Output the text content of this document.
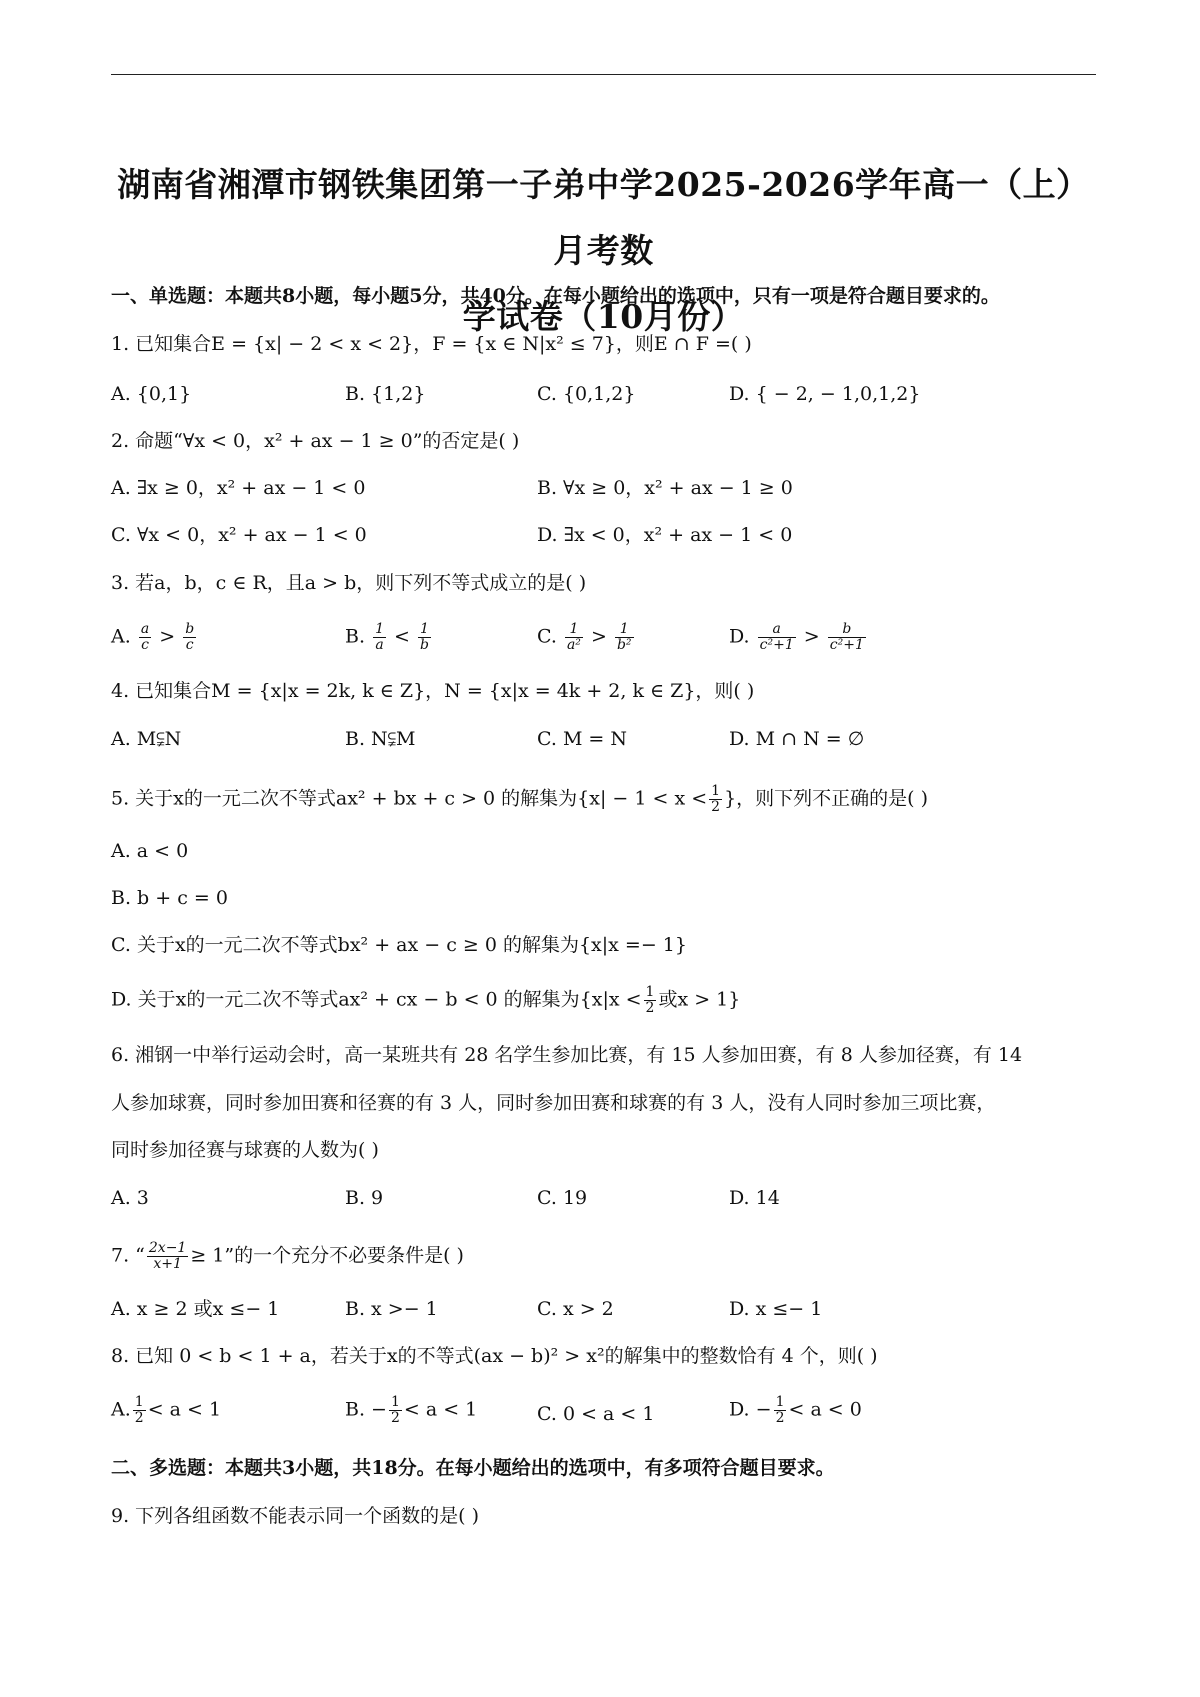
湖南省湘潭市钢铁集团第一子弟中学2025-2026学年高一（上）月考数
学试卷（10月份）
一、单选题：本题共8小题，每小题5分，共40分。在每小题给出的选项中，只有一项是符合题目要求的。
1. 已知集合E = {x| − 2 < x < 2}，F = {x ∈ N|x² ≤ 7}，则E ∩ F =( )
A. {0,1}	B. {1,2}	C. {0,1,2}	D. { − 2, − 1,0,1,2}
2. 命题“∀x < 0，x² + ax − 1 ≥ 0”的否定是( )
A. ∃x ≥ 0，x² + ax − 1 < 0	B. ∀x ≥ 0，x² + ax − 1 ≥ 0
C. ∀x < 0，x² + ax − 1 < 0	D. ∃x < 0，x² + ax − 1 < 0
3. 若a，b，c ∈ R，且a > b，则下列不等式成立的是( )
A. $\frac{a}{c} > \frac{b}{c}$	B. $\frac{1}{a} < \frac{1}{b}$	C. $\frac{1}{\text{a²}} > \frac{1}{\text{b²}}$	D. $\frac{a}{\text{c²+1}} > \frac{b}{\text{c²+1}}$
4. 已知集合M = {x|x = 2k, k ∈ Z}，N = {x|x = 4k + 2, k ∈ Z}，则( )
A. M⫋N	B. N⫋M	C. M = N	D. M ∩ N = ∅
5. 关于x的一元二次不等式ax² + bx + c > 0 的解集为{$x| - 1 < x < \frac{1}{2}$ }，则下列不正确的是( )
A. a < 0
B. b + c = 0
C. 关于x的一元二次不等式bx² + ax − c ≥ 0 的解集为{x|x =− 1}
D. 关于x的一元二次不等式ax² + cx − b < 0 的解集为{$x|x < \frac{1}{2}$ 或x > 1}
6. 湘钢一中举行运动会时，高一某班共有 28 名学生参加比赛，有 15 人参加田赛，有 8 人参加径赛，有 14
人参加球赛，同时参加田赛和径赛的有 3 人，同时参加田赛和球赛的有 3 人，没有人同时参加三项比赛，
同时参加径赛与球赛的人数为( )
A. 3	B. 9	C. 19	D. 14
7. “ $\frac{2x-1}{x+1} \ge 1$”的一个充分不必要条件是( )
A. x ≥ 2 或x ≤− 1	B. x >− 1	C. x > 2	D. x ≤− 1
8. 已知 0 < b < 1 + a，若关于x的不等式(ax − b)² > x²的解集中的整数恰有 4 个，则( )
A. $\frac{1}{2} < a < 1$	B. − $\frac{1}{2} < a < 1$	C. 0 < a < 1	D. − $\frac{1}{2} < a < 0$
二、多选题：本题共3小题，共18分。在每小题给出的选项中，有多项符合题目要求。
9. 下列各组函数不能表示同一个函数的是( )
